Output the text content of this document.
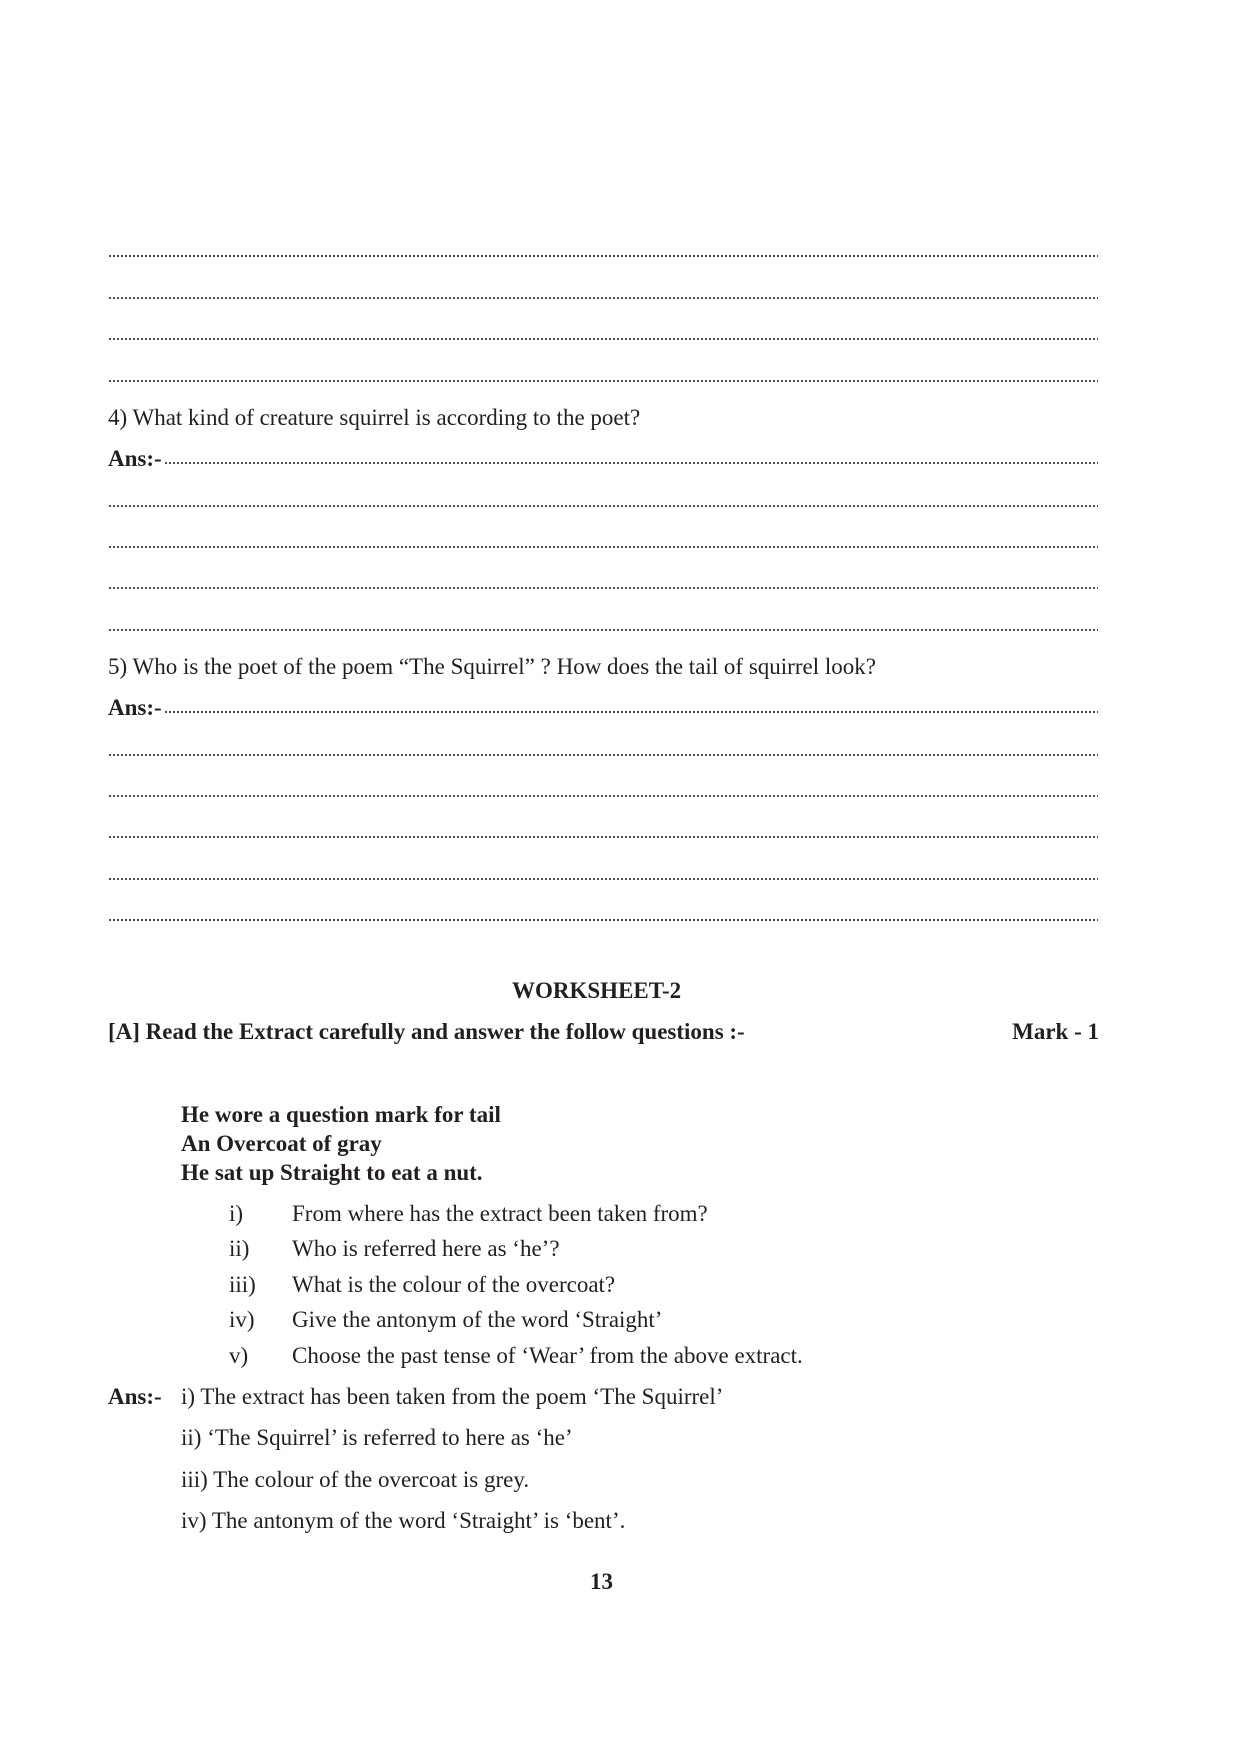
4) What kind of creature squirrel is according to the poet?
Ans:-
5) Who is the poet of the poem “The Squirrel” ? How does the tail of squirrel look?
Ans:-
WORKSHEET-2
[A] Read the Extract carefully and answer the follow questions :-	Mark - 1
He wore a question mark for tail
An Overcoat of gray
He sat up Straight to eat a nut.
i) From where has the extract been taken from?
ii) Who is referred here as ‘he’?
iii) What is the colour of the overcoat?
iv) Give the antonym of the word ‘Straight’
v) Choose the past tense of ‘Wear’ from the above extract.
Ans:- i) The extract has been taken from the poem ‘The Squirrel’
ii) ‘The Squirrel’ is referred to here as ‘he’
iii) The colour of the overcoat is grey.
iv) The antonym of the word ‘Straight’ is ‘bent’.
13
